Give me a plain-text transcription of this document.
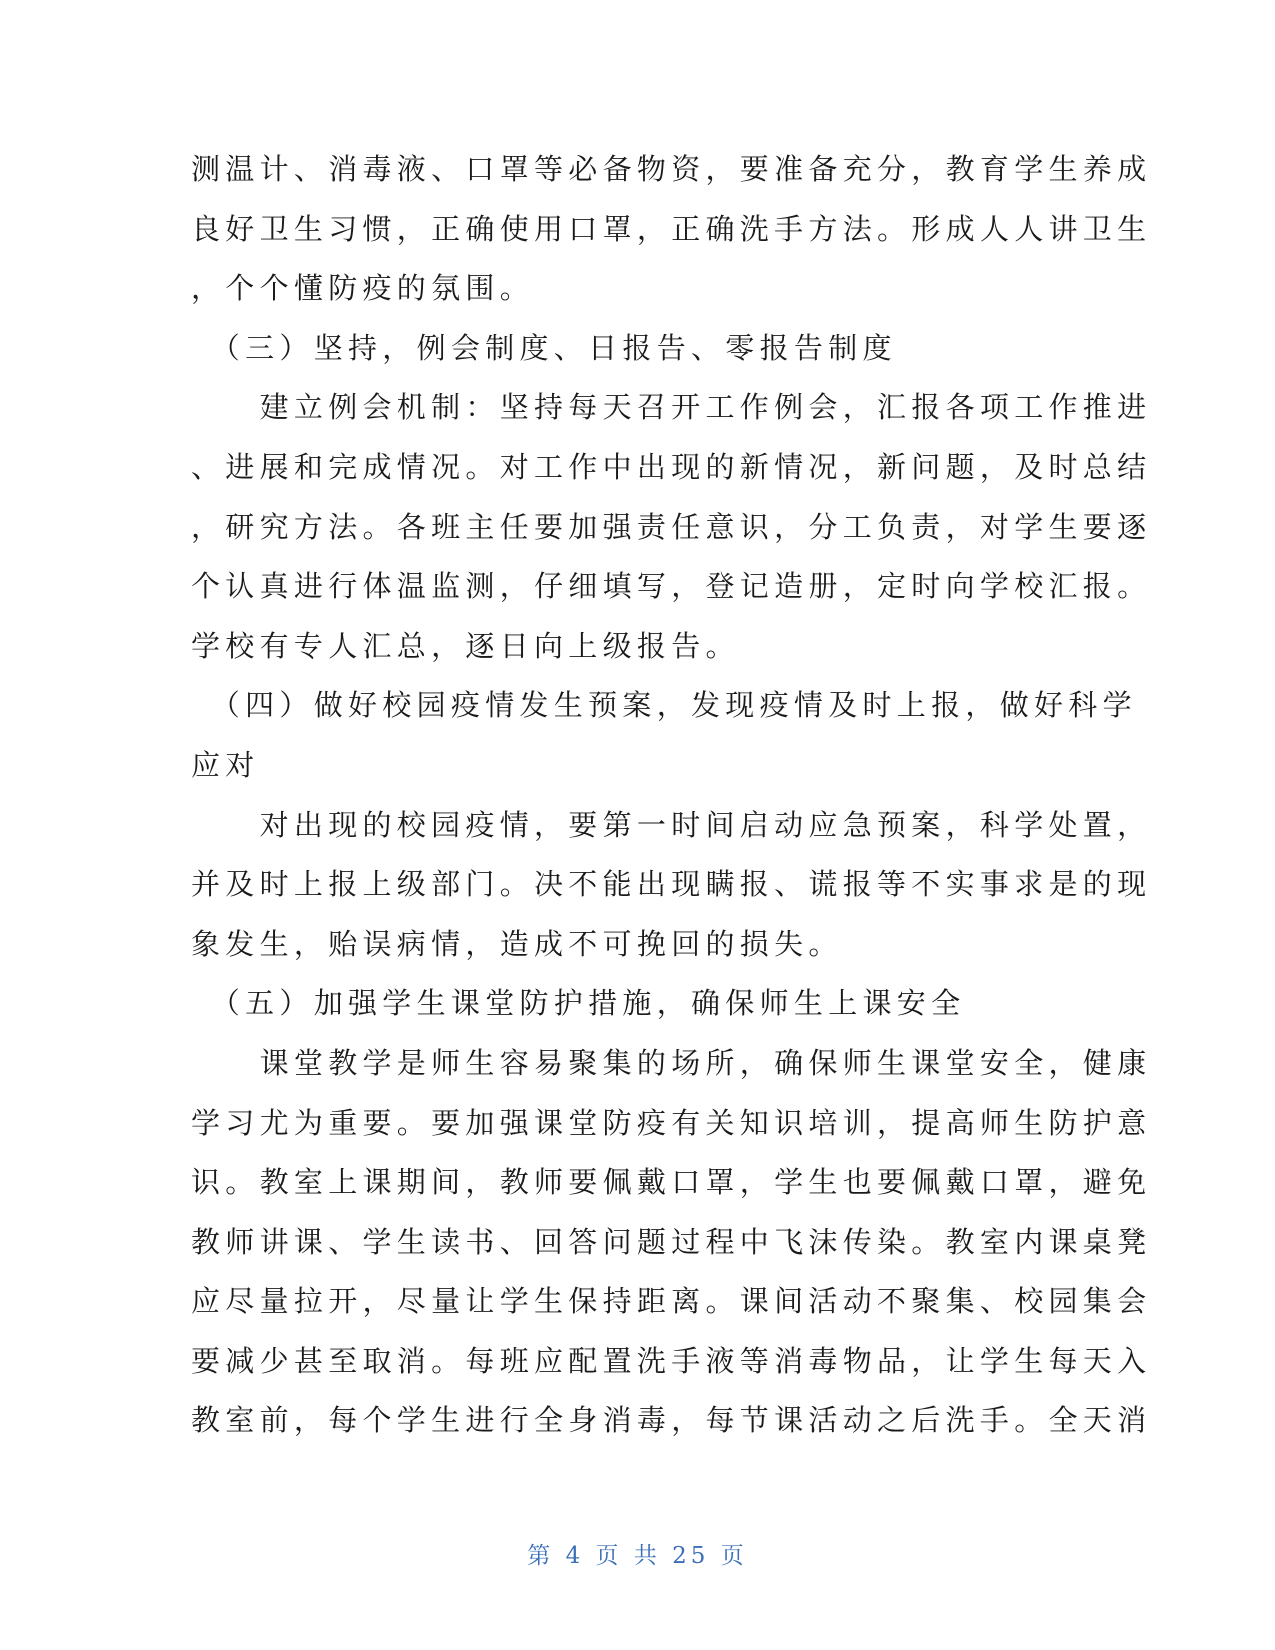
测温计、消毒液、口罩等必备物资，要准备充分，教育学生养成
良好卫生习惯，正确使用口罩，正确洗手方法。形成人人讲卫生
，个个懂防疫的氛围。
　（三）坚持，例会制度、日报告、零报告制度
　　建立例会机制：坚持每天召开工作例会，汇报各项工作推进
、进展和完成情况。对工作中出现的新情况，新问题，及时总结
，研究方法。各班主任要加强责任意识，分工负责，对学生要逐
个认真进行体温监测，仔细填写，登记造册，定时向学校汇报。
学校有专人汇总，逐日向上级报告。
　（四）做好校园疫情发生预案，发现疫情及时上报，做好科学
应对
　　对出现的校园疫情，要第一时间启动应急预案，科学处置，
并及时上报上级部门。决不能出现瞒报、谎报等不实事求是的现
象发生，贻误病情，造成不可挽回的损失。
　（五）加强学生课堂防护措施，确保师生上课安全
　　课堂教学是师生容易聚集的场所，确保师生课堂安全，健康
学习尤为重要。要加强课堂防疫有关知识培训，提高师生防护意
识。教室上课期间，教师要佩戴口罩，学生也要佩戴口罩，避免
教师讲课、学生读书、回答问题过程中飞沫传染。教室内课桌凳
应尽量拉开，尽量让学生保持距离。课间活动不聚集、校园集会
要减少甚至取消。每班应配置洗手液等消毒物品，让学生每天入
教室前，每个学生进行全身消毒，每节课活动之后洗手。全天消
第 4 页 共 25 页
